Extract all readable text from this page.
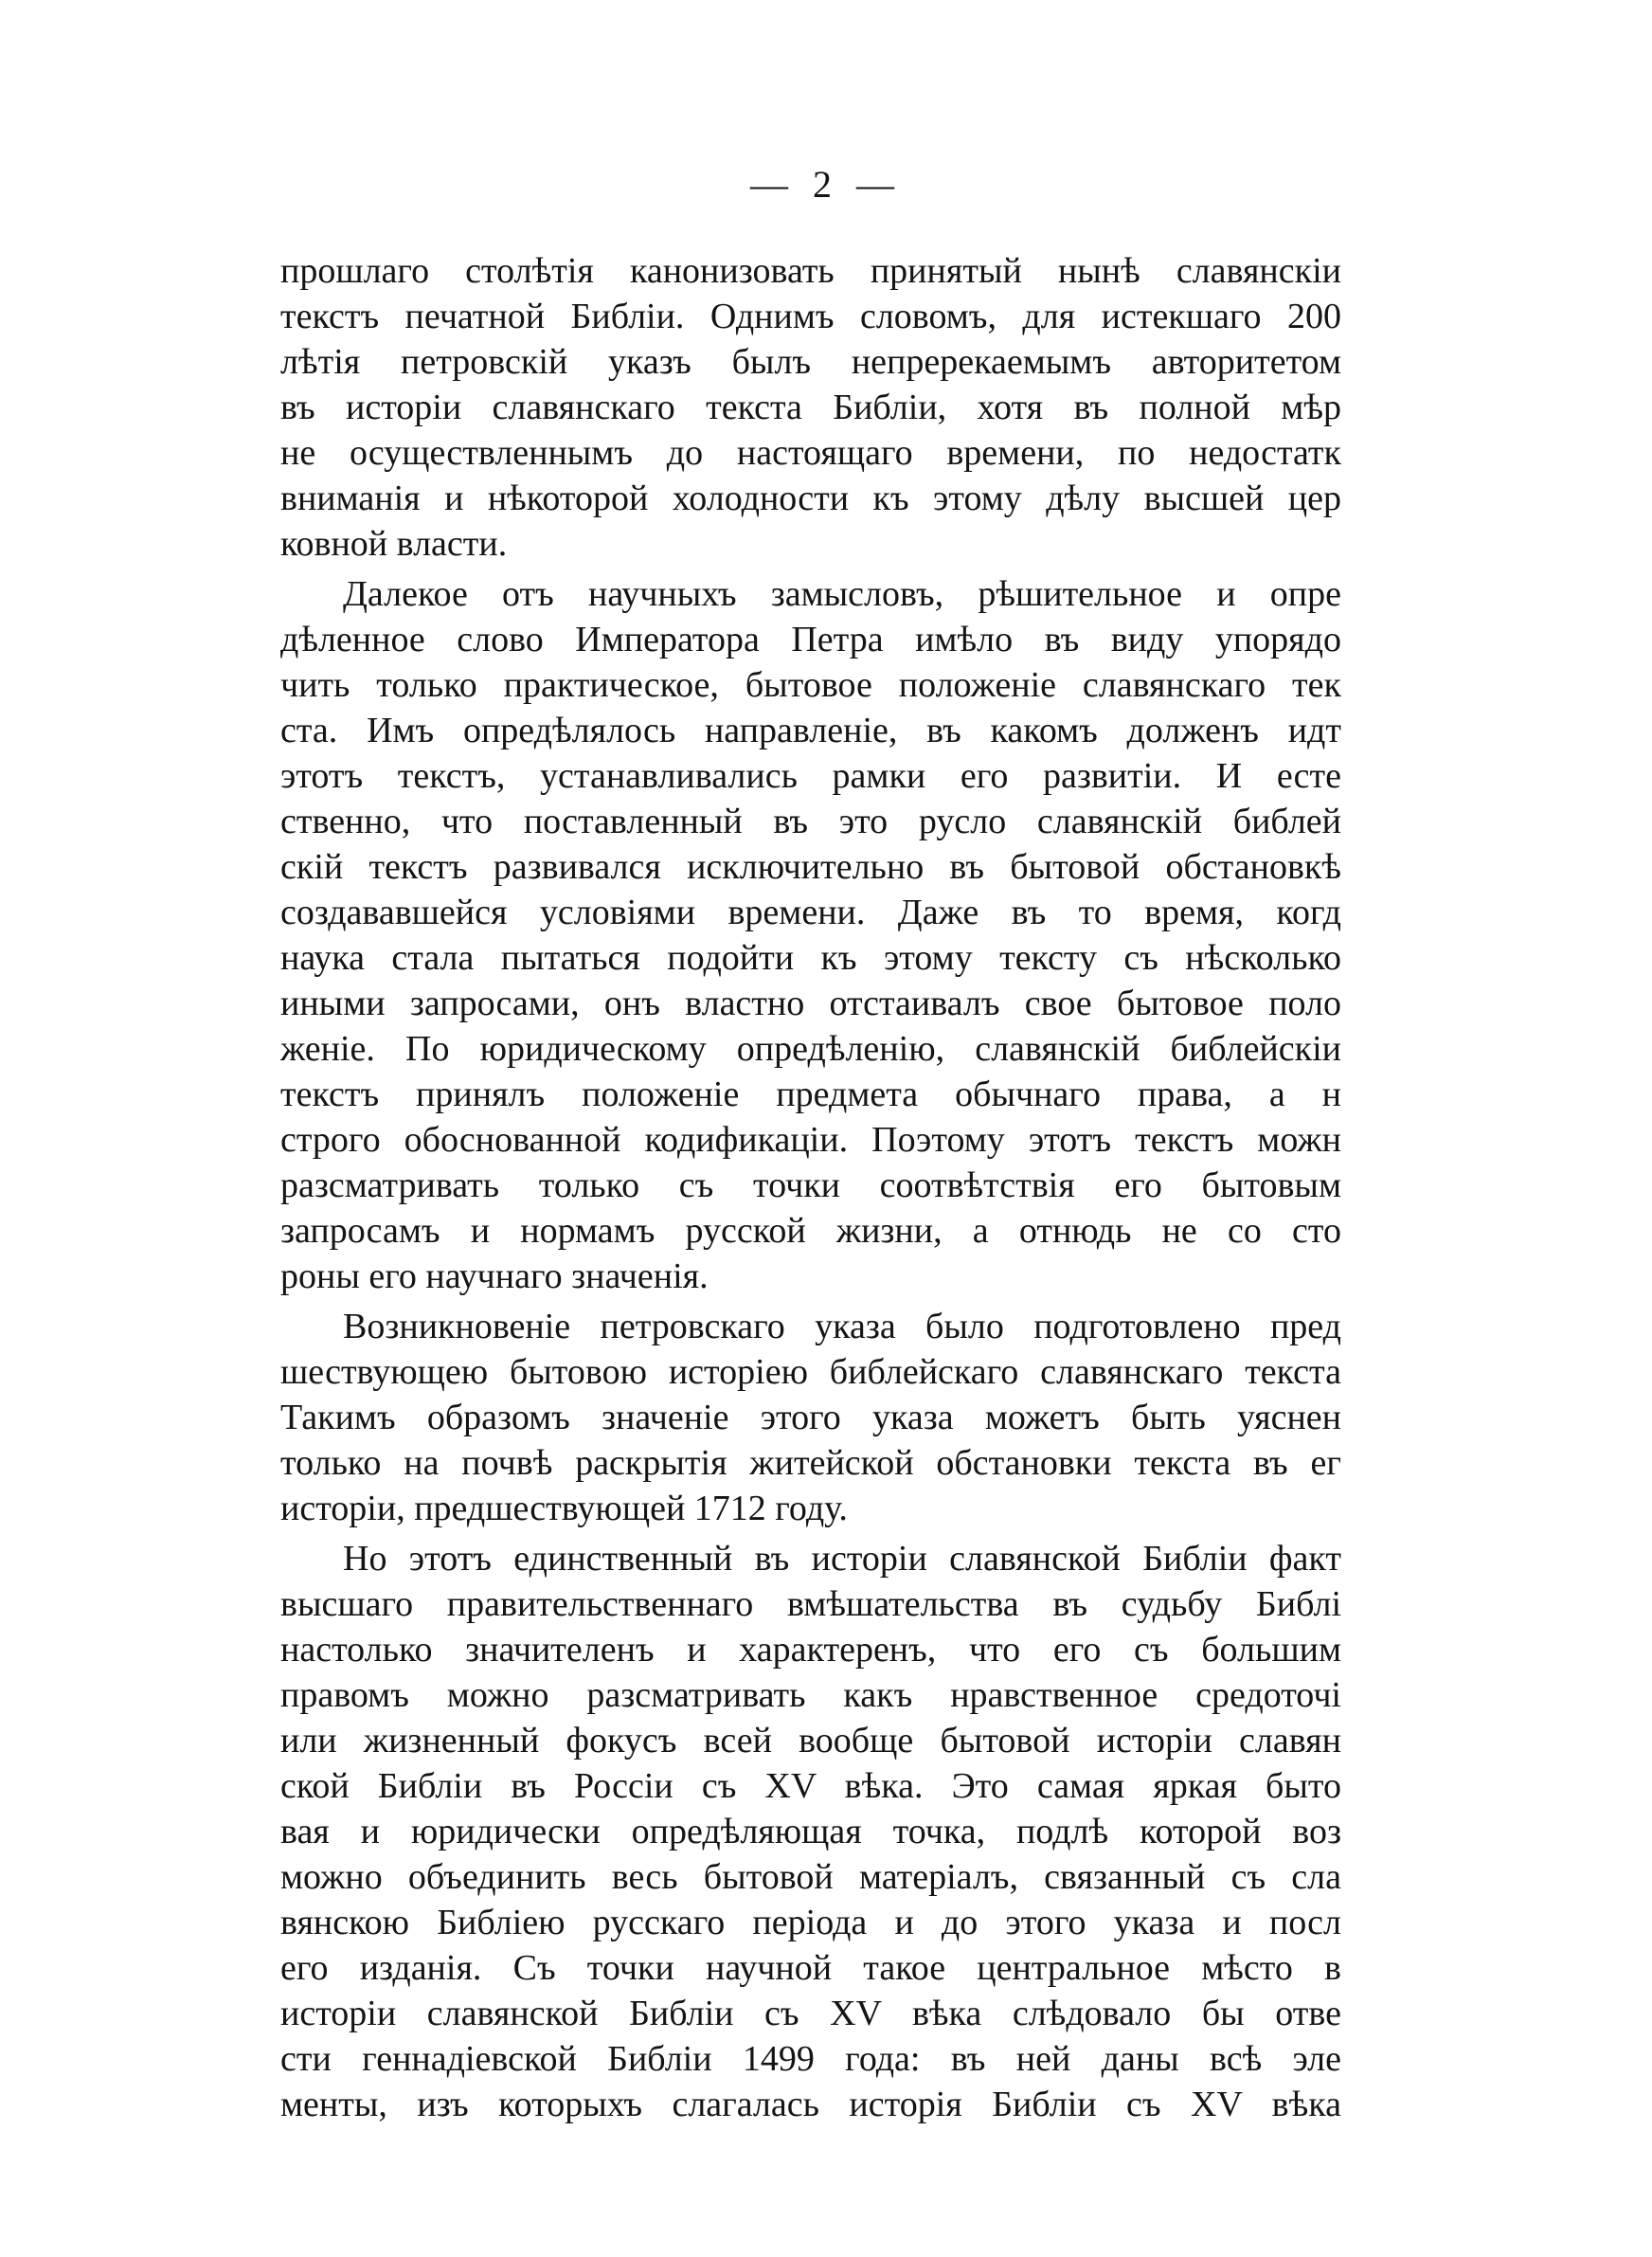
— 2 —
прошлаго столѣтія канонизовать принятый нынѣ славянскiи
текстъ печатной Библіи. Однимъ словомъ, для истекшаго 200
лѣтія петровскій указъ былъ непререкаемымъ авторитетом
въ исторіи славянскаго текста Библіи, хотя въ полной мѣр
не осуществленнымъ до настоящаго времени, по недостатк
вниманія и нѣкоторой холодности къ этому дѣлу высшей цер
ковной власти.
Далекое отъ научныхъ замысловъ, рѣшительное и опре
дѣленное слово Императора Петра имѣло въ виду упорядо
чить только практическое, бытовое положеніе славянскаго тек
ста. Имъ опредѣлялось направленіе, въ какомъ долженъ идт
этотъ текстъ, устанавливались рамки его развитіи. И есте
ственно, что поставленный въ это русло славянскій библей
скій текстъ развивался исключительно въ бытовой обстановкѣ
создававшейся условіями времени. Даже въ то время, когд
наука стала пытаться подойти къ этому тексту съ нѣсколько
иными запросами, онъ властно отстаивалъ свое бытовое поло
женіе. По юридическому опредѣленію, славянскій библейскiи
текстъ принялъ положеніе предмета обычнаго права, а н
строго обоснованной кодификаціи. Поэтому этотъ текстъ можн
разсматривать только съ точки соотвѣтствія его бытовым
запросамъ и нормамъ русской жизни, а отнюдь не со сто
роны его научнаго значенія.
Возникновеніе петровскаго указа было подготовлено пред
шествующею бытовою исторіею библейскаго славянскаго текста
Такимъ образомъ значеніе этого указа можетъ быть уяснен
только на почвѣ раскрытія житейской обстановки текста въ ег
исторіи, предшествующей 1712 году.
Но этотъ единственный въ исторіи славянской Библіи факт
высшаго правительственнаго вмѣшательства въ судьбу Библi
настолько значителенъ и характеренъ, что его съ большим
правомъ можно разсматривать какъ нравственное средоточі
или жизненный фокусъ всей вообще бытовой исторіи славян
ской Библіи въ Россіи съ XV вѣка. Это самая яркая быто
вая и юридически опредѣляющая точка, подлѣ которой воз
можно объединить весь бытовой матеріалъ, связанный съ сла
вянскою Библіею русскаго періода и до этого указа и посл
его изданія. Съ точки научной такое центральное мѣсто в
исторіи славянской Библіи съ XV вѣка слѣдовало бы отве
сти геннадіевской Библіи 1499 года: въ ней даны всѣ эле
менты, изъ которыхъ слагалась исторія Библіи съ XV вѣка
